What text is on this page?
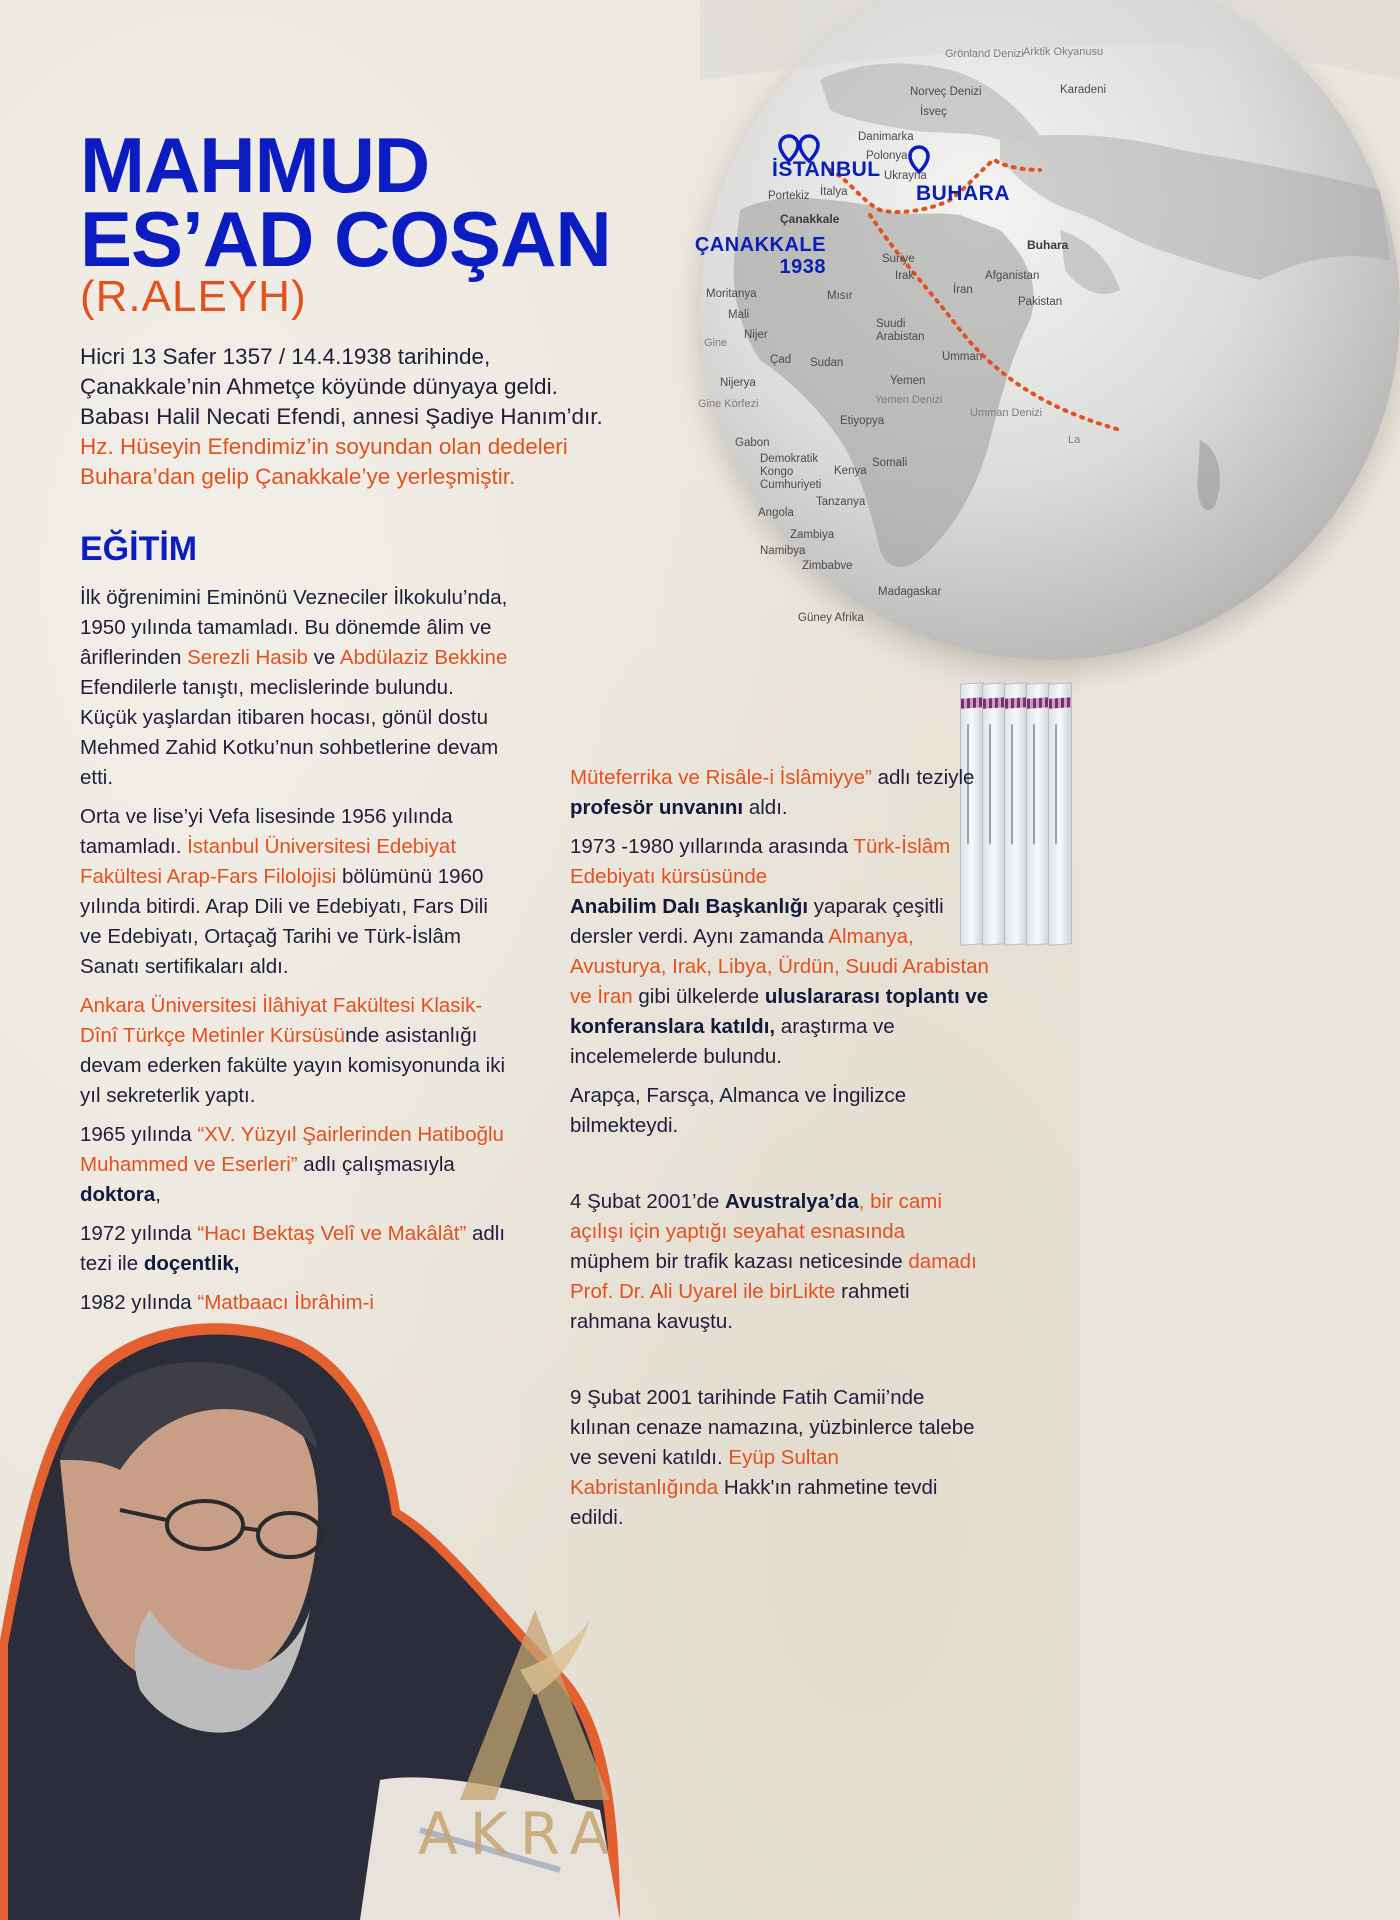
Grönland Denizi Arktik Okyanusu
Norveç Denizi	Karadeni
İsveç
Danimarka
Polonya
Ukrayna
Portekiz İtalya
Çanakkale
Buhara
Suriye
Irak
İran
Afganistan
Pakistan
Moritanya	Mısır
Mali
Nijer
Çad Sudan
Suudi Arabistan
Umman
Nijerya	Yemen
Gine Körfezi	Yemen Denizi
Umman Denizi
Etiyopya
Gabon
Demokratik Kongo Cumhuriyeti
Kenya
Somali
Tanzanya
Angola
Zambiya
Namibya
Zimbabve
Madagaskar
Güney Afrika
Gine
La
İSTANBUL
BUHARA
ÇANAKKALE
1938
MAHMUD
ES’AD COŞAN
(R.ALEYH)
Hicri 13 Safer 1357 / 14.4.1938 tarihinde,
Çanakkale’nin Ahmetçe köyünde dünyaya geldi.
Babası Halil Necati Efendi, annesi Şadiye Hanım’dır.
Hz. Hüseyin Efendimiz’in soyundan olan dedeleri
Buhara’dan gelip Çanakkale’ye yerleşmiştir.
EĞİTİM

İlk öğrenimini Eminönü Vezneciler İlkokulu’nda, 1950 yılında tamamladı. Bu dönemde âlim ve âriflerinden Serezli Hasib ve Abdülaziz Bekkine Efendilerle tanıştı, meclislerinde bulundu. Küçük yaşlardan itibaren hocası, gönül dostu Mehmed Zahid Kotku’nun sohbetlerine devam etti.

Orta ve lise’yi Vefa lisesinde 1956 yılında tamamladı. İstanbul Üniversitesi Edebiyat Fakültesi Arap-Fars Filolojisi bölümünü 1960 yılında bitirdi. Arap Dili ve Edebiyatı, Fars Dili ve Edebiyatı, Ortaçağ Tarihi ve Türk-İslâm Sanatı sertifikaları aldı.

Ankara Üniversitesi İlâhiyat Fakültesi Klasik-Dînî Türkçe Metinler Kürsüsünde asistanlığı devam ederken fakülte yayın komisyonunda iki yıl sekreterlik yaptı.

1965 yılında “XV. Yüzyıl Şairlerinden Hatiboğlu Muhammed ve Eserleri” adlı çalışmasıyla doktora,

1972 yılında “Hacı Bektaş Velî ve Makâlât” adlı tezi ile doçentlik,

1982 yılında “Matbaacı İbrâhim-i

Müteferrika ve Risâle-i İslâmiyye” adlı teziyle profesör unvanını aldı.

1973 -1980 yıllarında arasında Türk-İslâm Edebiyatı kürsüsünde
Anabilim Dalı Başkanlığı yaparak çeşitli dersler verdi. Aynı zamanda Almanya, Avusturya, Irak, Libya, Ürdün, Suudi Arabistan ve İran gibi ülkelerde uluslararası toplantı ve konferanslara katıldı, araştırma ve incelemelerde bulundu.

Arapça, Farsça, Almanca ve İngilizce bilmekteydi.

4 Şubat 2001’de Avustralya’da, bir cami açılışı için yaptığı seyahat esnasında müphem bir trafik kazası neticesinde damadı Prof. Dr. Ali Uyarel ile birLikte rahmeti rahmana kavuştu.

9 Şubat 2001 tarihinde Fatih Camii’nde kılınan cenaze namazına, yüzbinlerce talebe ve seveni katıldı. Eyüp Sultan Kabristanlığında Hakk'ın rahmetine tevdi edildi.

AKRA
